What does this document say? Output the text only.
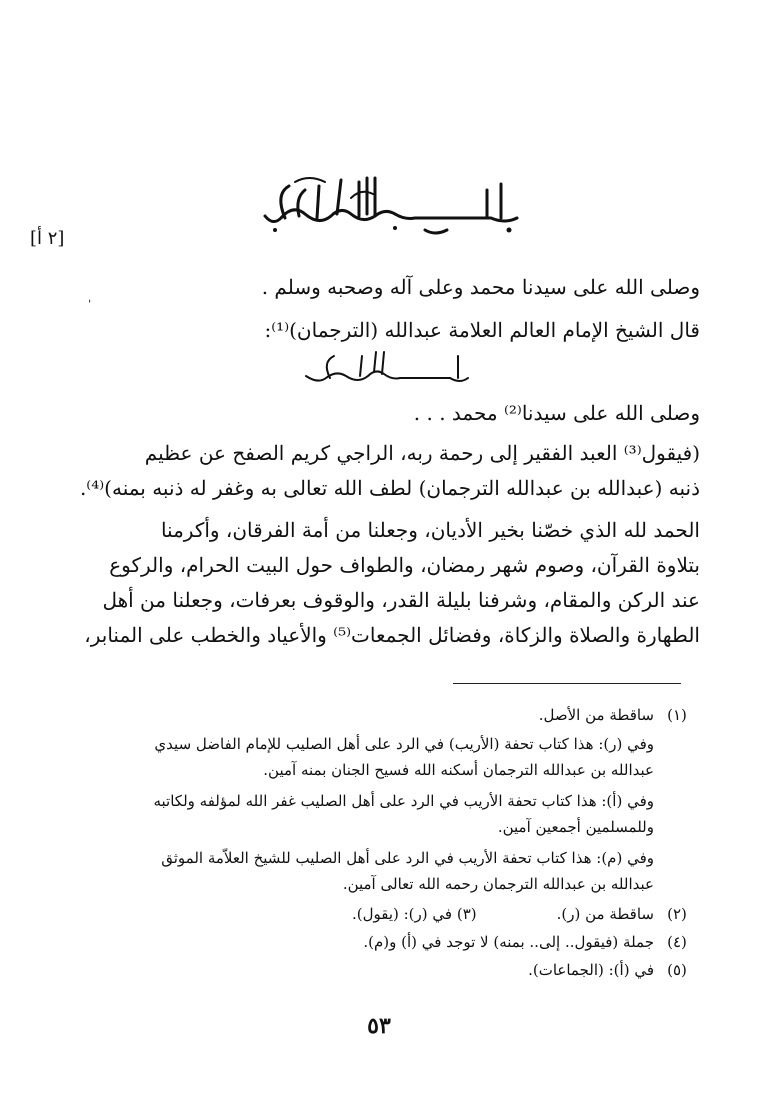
[٢ أ]
ˈ
وصلى الله على سيدنا محمد وعلى آله وصحبه وسلم .
قال الشيخ الإمام العالم العلامة عبدالله (الترجمان)⁽¹⁾:
وصلى الله على سيدنا⁽²⁾ محمد . . .
(فيقول⁽³⁾ العبد الفقير إلى رحمة ربه، الراجي كريم الصفح عن عظيم
ذنبه (عبدالله بن عبدالله الترجمان) لطف الله تعالى به وغفر له ذنبه بمنه)⁽⁴⁾.
الحمد لله الذي خصّنا بخير الأديان، وجعلنا من أمة الفرقان، وأكرمنا
بتلاوة القرآن، وصوم شهر رمضان، والطواف حول البيت الحرام، والركوع
عند الركن والمقام، وشرفنا بليلة القدر، والوقوف بعرفات، وجعلنا من أهل
الطهارة والصلاة والزكاة، وفضائل الجمعات⁽⁵⁾ والأعياد والخطب على المنابر،
(١)ساقطة من الأصل.
وفي (ر): هذا كتاب تحفة (الأريب) في الرد على أهل الصليب للإمام الفاضل سيدي
عبدالله بن عبدالله الترجمان أسكنه الله فسيح الجنان بمنه آمين.
وفي (أ): هذا كتاب تحفة الأريب في الرد على أهل الصليب غفر الله لمؤلفه ولكاتبه
وللمسلمين أجمعين آمين.
وفي (م): هذا كتاب تحفة الأريب في الرد على أهل الصليب للشيخ العلاّمة الموثق
عبدالله بن عبدالله الترجمان رحمه الله تعالى آمين.
(٢)ساقطة من (ر).(٣) في (ر): (يقول).
(٤)جملة (فيقول.. إلى.. بمنه) لا توجد في (أ) و(م).
(٥)في (أ): (الجماعات).
٥٣
